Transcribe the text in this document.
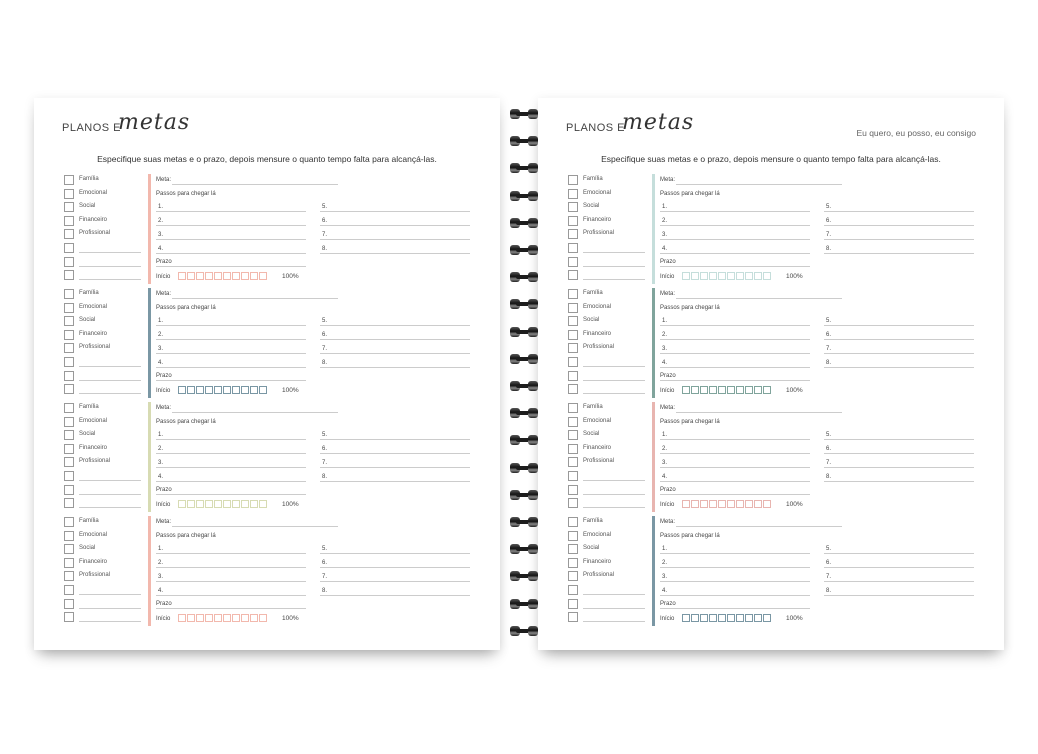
PLANOS E
metas
Especifique suas metas e o prazo, depois mensure o quanto tempo falta para alcançá-las.
Família
Emocional
Social
Financeiro
Profissional
Meta:
Passos para chegar lá
1.
2.
3.
4.
5.
6.
7.
8.
Prazo
Início	100%
Família
Emocional
Social
Financeiro
Profissional
Meta:
Passos para chegar lá
1.
2.
3.
4.
5.
6.
7.
8.
Prazo
Início	100%
Família
Emocional
Social
Financeiro
Profissional
Meta:
Passos para chegar lá
1.
2.
3.
4.
5.
6.
7.
8.
Prazo
Início	100%
Família
Emocional
Social
Financeiro
Profissional
Meta:
Passos para chegar lá
1.
2.
3.
4.
5.
6.
7.
8.
Prazo
Início	100%
PLANOS E
metas	Eu quero, eu posso, eu consigo
Especifique suas metas e o prazo, depois mensure o quanto tempo falta para alcançá-las.
Família
Emocional
Social
Financeiro
Profissional
Meta:
Passos para chegar lá
1.
2.
3.
4.
5.
6.
7.
8.
Prazo
Início	100%
Família
Emocional
Social
Financeiro
Profissional
Meta:
Passos para chegar lá
1.
2.
3.
4.
5.
6.
7.
8.
Prazo
Início	100%
Família
Emocional
Social
Financeiro
Profissional
Meta:
Passos para chegar lá
1.
2.
3.
4.
5.
6.
7.
8.
Prazo
Início	100%
Família
Emocional
Social
Financeiro
Profissional
Meta:
Passos para chegar lá
1.
2.
3.
4.
5.
6.
7.
8.
Prazo
Início	100%
